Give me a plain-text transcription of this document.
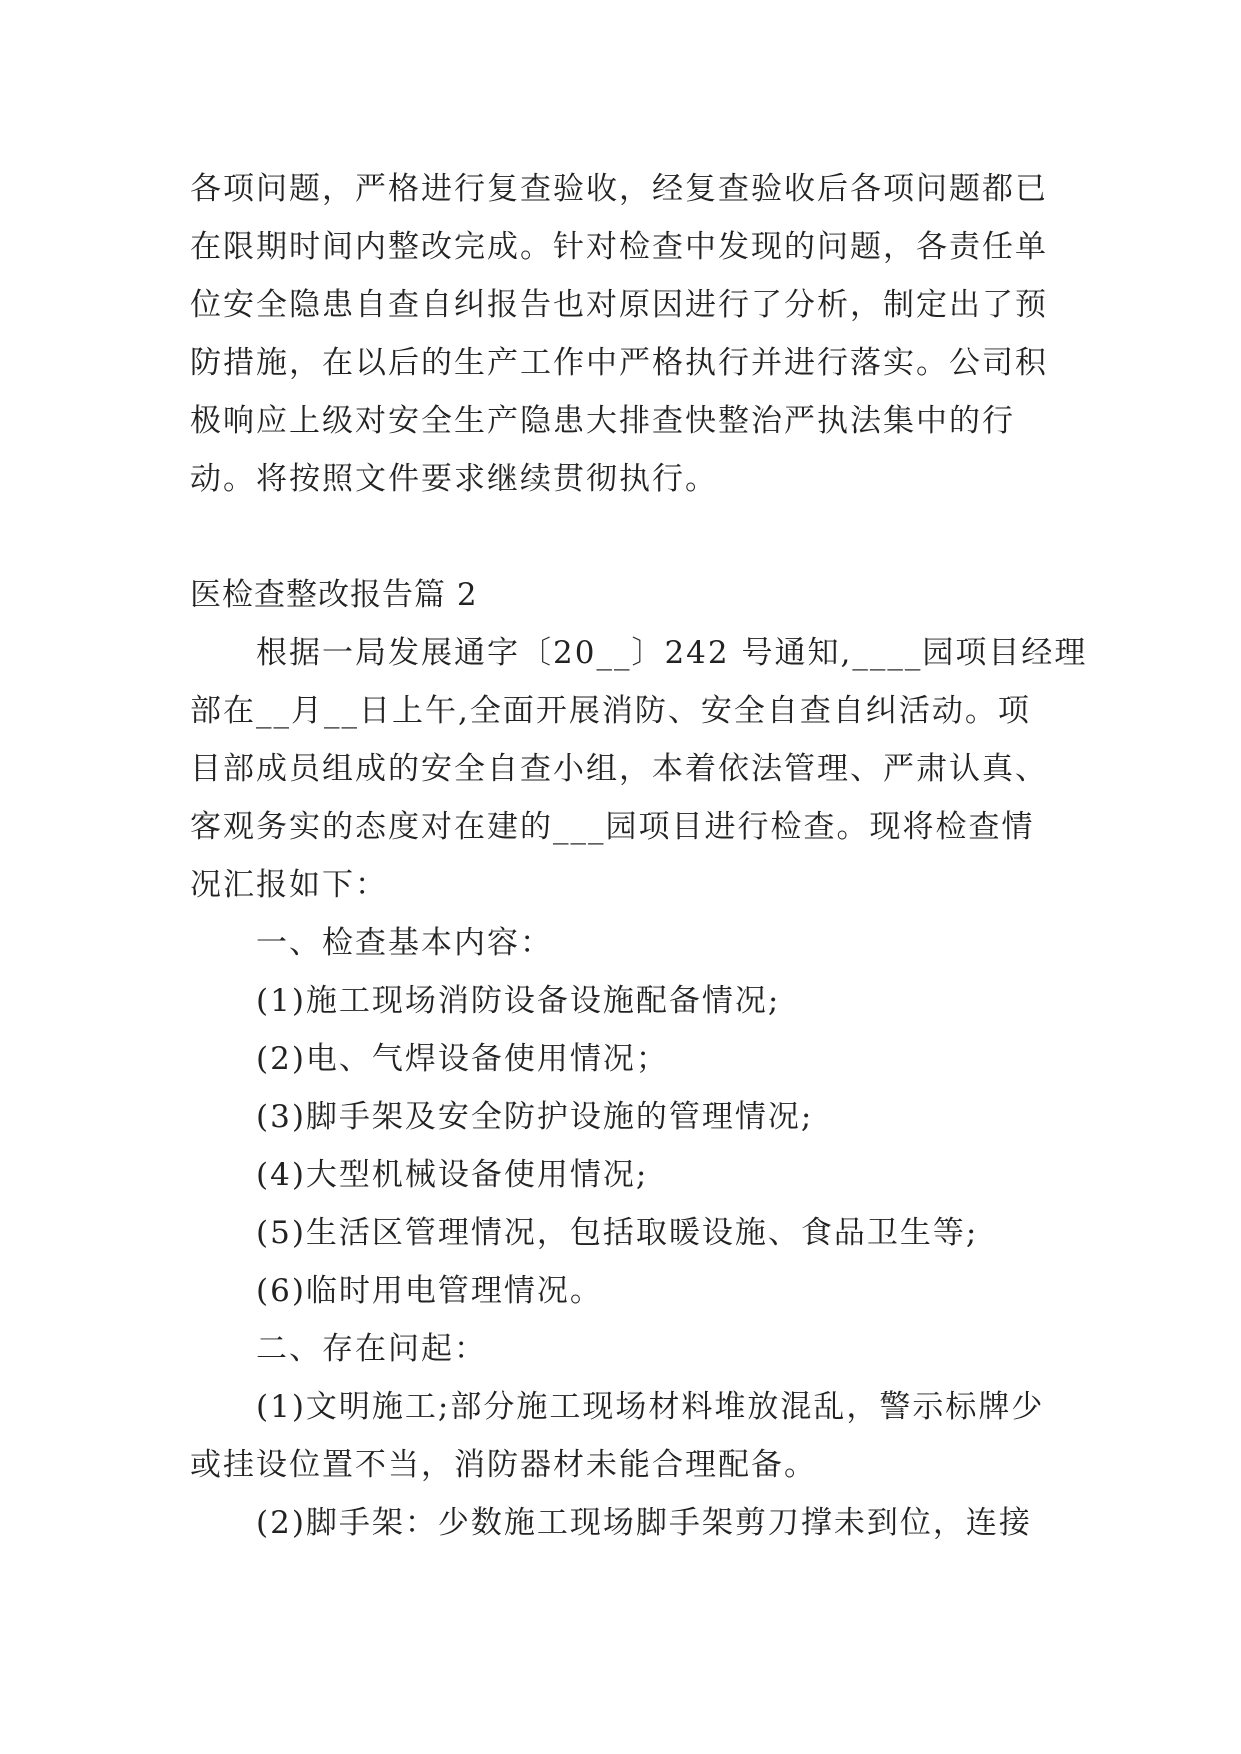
各项问题，严格进行复查验收，经复查验收后各项问题都已
在限期时间内整改完成。针对检查中发现的问题，各责任单
位安全隐患自查自纠报告也对原因进行了分析，制定出了预
防措施，在以后的生产工作中严格执行并进行落实。公司积
极响应上级对安全生产隐患大排查快整治严执法集中的行
动。将按照文件要求继续贯彻执行。
医检查整改报告篇 2
根据一局发展通字〔20__〕242 号通知,____园项目经理
部在__月__日上午,全面开展消防、安全自查自纠活动。项
目部成员组成的安全自查小组，本着依法管理、严肃认真、
客观务实的态度对在建的___园项目进行检查。现将检查情
况汇报如下：
一、检查基本内容：
(1)施工现场消防设备设施配备情况;
(2)电、气焊设备使用情况；
(3)脚手架及安全防护设施的管理情况;
(4)大型机械设备使用情况;
(5)生活区管理情况，包括取暖设施、食品卫生等;
(6)临时用电管理情况。
二、存在问起：
(1)文明施工;部分施工现场材料堆放混乱，警示标牌少
或挂设位置不当，消防器材未能合理配备。
(2)脚手架：少数施工现场脚手架剪刀撑未到位，连接
